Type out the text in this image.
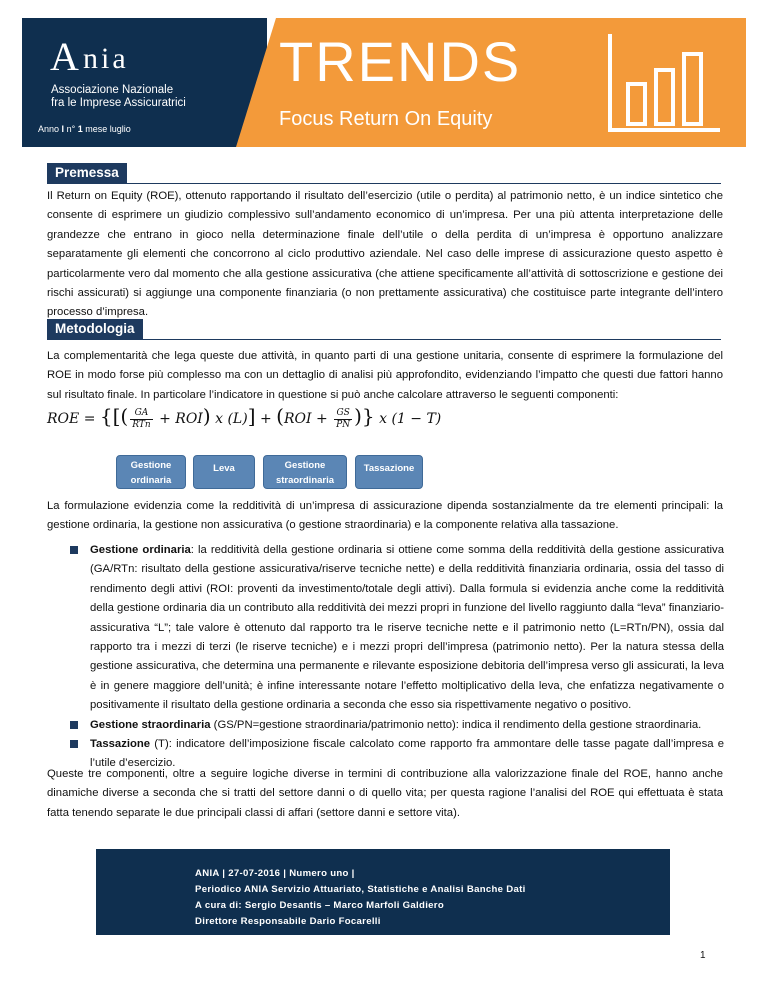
A nia
Associazione Nazionale
fra le Imprese Assicuratrici
Anno I n° 1 mese luglio
TRENDS
Focus Return On Equity
Premessa
Il Return on Equity (ROE), ottenuto rapportando il risultato dell’esercizio (utile o perdita) al patrimonio netto, è un indice sintetico che consente di esprimere un giudizio complessivo sull’andamento economico di un’impresa. Per una più attenta interpretazione delle grandezze che entrano in gioco nella determinazione finale dell’utile o della perdita di un’impresa è opportuno analizzare separatamente gli elementi che concorrono al ciclo produttivo aziendale. Nel caso delle imprese di assicurazione questo aspetto è particolarmente vero dal momento che alla gestione assicurativa (che attiene specificamente all’attività di sottoscrizione e gestione dei rischi assicurati) si aggiunge una componente finanziaria (o non prettamente assicurativa) che costituisce parte integrante dell’intero processo d’impresa.
Metodologia
La complementarità che lega queste due attività, in quanto parti di una gestione unitaria, consente di esprimere la formulazione del ROE in modo forse più complesso ma con un dettaglio di analisi più approfondito, evidenziando l’impatto che questi due fattori hanno sul risultato finale. In particolare l’indicatore in questione si può anche calcolare attraverso le seguenti componenti:
ROE = {[( $\frac{GA}{\text{RTn}} + ROI$) x $(L)] + (ROI + \frac{GS}{PN}$ )} x (1 − T)
Gestione
ordinaria
Leva	Gestione
straordinaria
Tassazione
La formulazione evidenzia come la redditività di un’impresa di assicurazione dipenda sostanzialmente da tre elementi principali: la gestione ordinaria, la gestione non assicurativa (o gestione straordinaria) e la componente relativa alla tassazione.
Gestione ordinaria: la redditività della gestione ordinaria si ottiene come somma della redditività della gestione assicurativa (GA/RTn: risultato della gestione assicurativa/riserve tecniche nette) e della redditività finanziaria ordinaria, ossia del tasso di rendimento degli attivi (ROI: proventi da investimento/totale degli attivi). Dalla formula si evidenzia anche come la redditività della gestione ordinaria dia un contributo alla redditività dei mezzi propri in funzione del livello raggiunto dalla “leva” finanziario-assicurativa “L”; tale valore è ottenuto dal rapporto tra le riserve tecniche nette e il patrimonio netto (L=RTn/PN), ossia dal rapporto tra i mezzi di terzi (le riserve tecniche) e i mezzi propri dell’impresa (patrimonio netto). Per la natura stessa della gestione assicurativa, che determina una permanente e rilevante esposizione debitoria dell’impresa verso gli assicurati, la leva è in genere maggiore dell’unità; è infine interessante notare l’effetto moltiplicativo della leva, che enfatizza negativamente o positivamente il risultato della gestione ordinaria a seconda che esso sia rispettivamente negativo o positivo.
Gestione straordinaria (GS/PN=gestione straordinaria/patrimonio netto): indica il rendimento della gestione straordinaria.
Tassazione (T): indicatore dell’imposizione fiscale calcolato come rapporto fra ammontare delle tasse pagate dall’impresa e l’utile d’esercizio.
Queste tre componenti, oltre a seguire logiche diverse in termini di contribuzione alla valorizzazione finale del ROE, hanno anche dinamiche diverse a seconda che si tratti del settore danni o di quello vita; per questa ragione l’analisi del ROE qui effettuata è stata fatta tenendo separate le due principali classi di affari (settore danni e settore vita).
ANIA | 27-07-2016 | Numero uno |
Periodico ANIA Servizio Attuariato, Statistiche e Analisi Banche Dati
A cura di: Sergio Desantis – Marco Marfoli Galdiero
Direttore Responsabile Dario Focarelli
1
